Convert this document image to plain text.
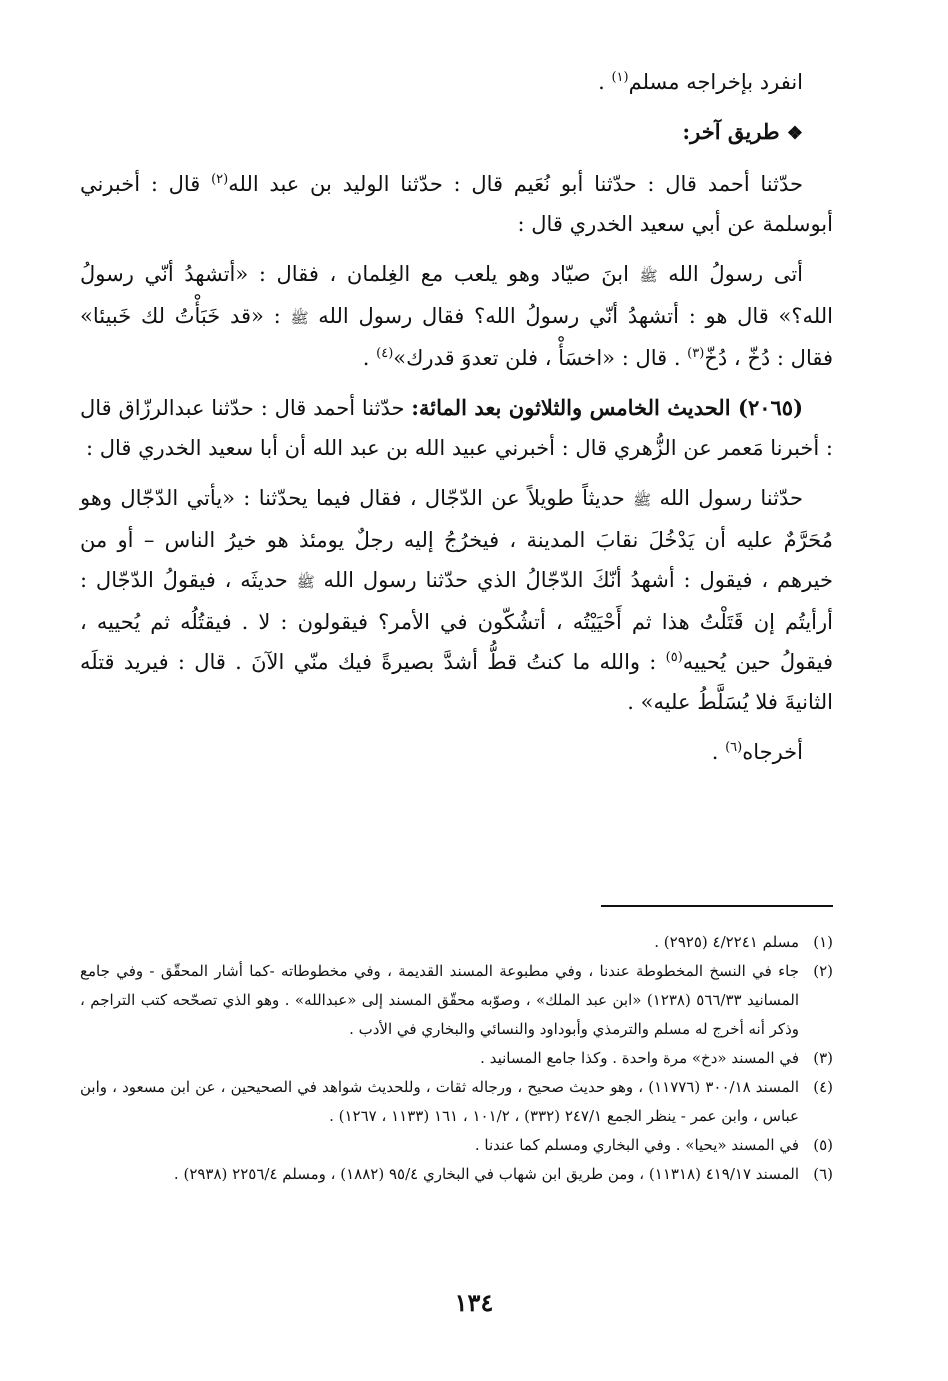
انفرد بإخراجه مسلم$^{(١)}$ .

❖ طريق آخر:

حدّثنا أحمد قال : حدّثنا أبو نُعَيم قال : حدّثنا الوليد بن عبد الله$^{(٢)}$ قال : أخبرني أبوسلمة عن أبي سعيد الخدري قال :

أتى رسولُ الله ﷺ ابنَ صيّاد وهو يلعب مع الغِلمان ، فقال : «أتشهدُ أنّي رسولُ الله؟» قال هو : أتشهدُ أنّي رسولُ الله؟ فقال رسول الله ﷺ : «قد خَبَأْتُ لك خَبيئا» فقال : دُخّ ، دُخّ$^{(٣)}$ . قال : «اخسَأْ ، فلن تعدوَ قدرك»$^{(٤)}$ .

(٢٠٦٥) الحديث الخامس والثلاثون بعد المائة: حدّثنا أحمد قال : حدّثنا عبدالرزّاق قال : أخبرنا مَعمر عن الزُّهري قال : أخبرني عبيد الله بن عبد الله أن أبا سعيد الخدري قال :

حدّثنا رسول الله ﷺ حديثاً طويلاً عن الدّجّال ، فقال فيما يحدّثنا : «يأتي الدّجّال وهو مُحَرَّمٌ عليه أن يَدْخُلَ نقابَ المدينة ، فيخرُجُ إليه رجلٌ يومئذ هو خيرُ الناس – أو من خيرهم ، فيقول : أشهدُ أنّكَ الدّجّالُ الذي حدّثنا رسول الله ﷺ حديثَه ، فيقولُ الدّجّال : أرأيتُم إن قَتَلْتُ هذا ثم أَحْيَيْتُه ، أتشُكّون في الأمر؟ فيقولون : لا . فيقتُلُه ثم يُحييه ، فيقولُ حين يُحييه$^{(٥)}$ : والله ما كنتُ قطُّ أشدَّ بصيرةً فيك منّي الآنَ . قال : فيريد قتلَه الثانيةَ فلا يُسَلَّطُ عليه» .

أخرجاه$^{(٦)}$ .

(١)
مسلم ٤/٢٢٤١ (٢٩٢٥) .

(٢)
جاء في النسخ المخطوطة عندنا ، وفي مطبوعة المسند القديمة ، وفي مخطوطاته -كما أشار المحقّق - وفي جامع المسانيد ٥٦٦/٣٣ (١٢٣٨) «ابن عبد الملك» ، وصوّبه محقّق المسند إلى «عبدالله» . وهو الذي تصحّحه كتب التراجم ، وذكر أنه أخرج له مسلم والترمذي وأبوداود والنسائي والبخاري في الأدب .

(٣)
في المسند «دخ» مرة واحدة . وكذا جامع المسانيد .

(٤)
المسند ٣٠٠/١٨ (١١٧٧٦) ، وهو حديث صحيح ، ورجاله ثقات ، وللحديث شواهد في الصحيحين ، عن ابن مسعود ، وابن عباس ، وابن عمر - ينظر الجمع ٢٤٧/١ (٣٣٢) ، ١٠١/٢ ، ١٦١ (١١٣٣ ، ١٢٦٧) .

(٥)
في المسند «يحيا» . وفي البخاري ومسلم كما عندنا .

(٦)
المسند ٤١٩/١٧ (١١٣١٨) ، ومن طريق ابن شهاب في البخاري ٩٥/٤ (١٨٨٢) ، ومسلم ٢٢٥٦/٤ (٢٩٣٨) .

١٣٤
